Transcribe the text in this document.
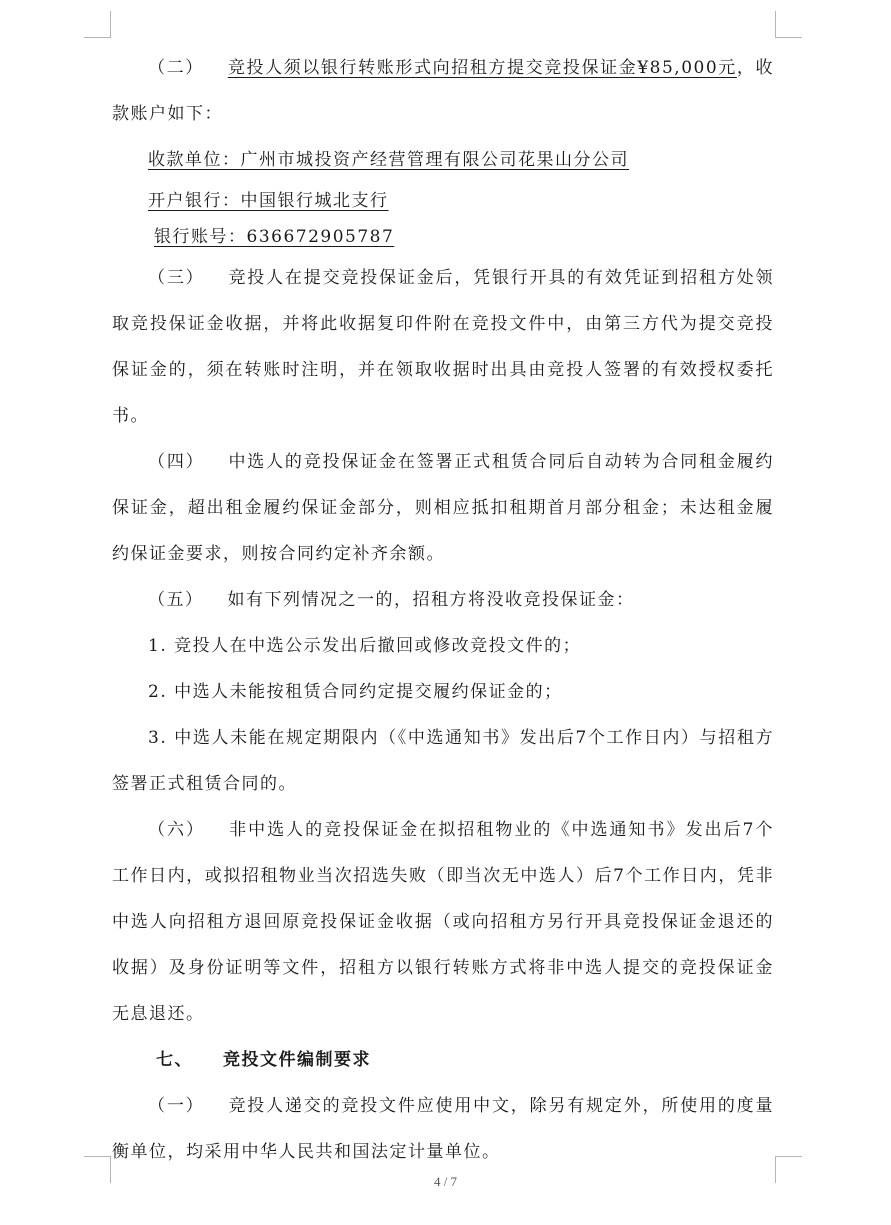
（二） 竞投人须以银行转账形式向招租方提交竞投保证金¥85,000元，收款账户如下：

收款单位：广州市城投资产经营管理有限公司花果山分公司
开户银行：中国银行城北支行
银行账号：636672905787

（三） 竞投人在提交竞投保证金后，凭银行开具的有效凭证到招租方处领取竞投保证金收据，并将此收据复印件附在竞投文件中，由第三方代为提交竞投保证金的，须在转账时注明，并在领取收据时出具由竞投人签署的有效授权委托书。

（四） 中选人的竞投保证金在签署正式租赁合同后自动转为合同租金履约保证金，超出租金履约保证金部分，则相应抵扣租期首月部分租金；未达租金履约保证金要求，则按合同约定补齐余额。

（五） 如有下列情况之一的，招租方将没收竞投保证金：

1. 竞投人在中选公示发出后撤回或修改竞投文件的；

2. 中选人未能按租赁合同约定提交履约保证金的；

3. 中选人未能在规定期限内（《中选通知书》发出后7个工作日内）与招租方签署正式租赁合同的。

（六） 非中选人的竞投保证金在拟招租物业的《中选通知书》发出后7个工作日内，或拟招租物业当次招选失败（即当次无中选人）后7个工作日内，凭非中选人向招租方退回原竞投保证金收据（或向招租方另行开具竞投保证金退还的收据）及身份证明等文件，招租方以银行转账方式将非中选人提交的竞投保证金无息退还。

七、 竞投文件编制要求

（一） 竞投人递交的竞投文件应使用中文，除另有规定外，所使用的度量衡单位，均采用中华人民共和国法定计量单位。

4 / 7
